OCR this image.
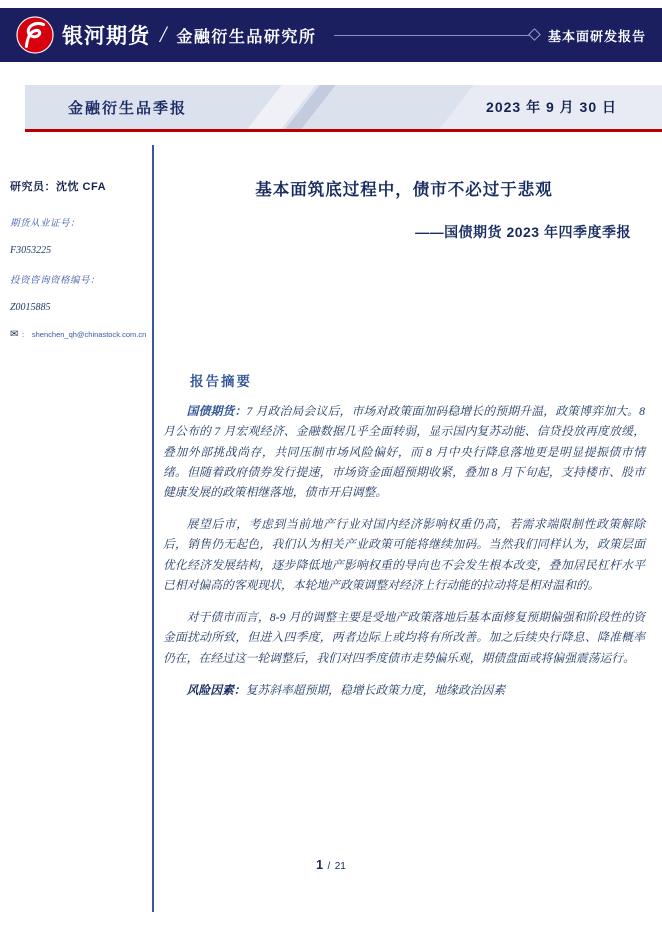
银河期货 / 金融衍生品研究所	基本面研发报告
金融衍生品季报	2023 年 9 月 30 日
研究员：沈忱 CFA
期货从业证号：
F3053225
投资咨询资格编号：
Z0015885
✉ ： shenchen_qh@chinastock.com.cn
基本面筑底过程中，债市不必过于悲观
——国债期货 2023 年四季度季报
报告摘要

国债期货：7 月政治局会议后，市场对政策面加码稳增长的预期升温，政策博弈加大。8 月公布的 7 月宏观经济、金融数据几乎全面转弱，显示国内复苏动能、信贷投放再度放缓，叠加外部挑战尚存，共同压制市场风险偏好，而 8 月中央行降息落地更是明显提振债市情绪。但随着政府债券发行提速，市场资金面超预期收紧，叠加 8 月下旬起，支持楼市、股市健康发展的政策相继落地，债市开启调整。

展望后市，考虑到当前地产行业对国内经济影响权重仍高，若需求端限制性政策解除后，销售仍无起色，我们认为相关产业政策可能将继续加码。当然我们同样认为，政策层面优化经济发展结构，逐步降低地产影响权重的导向也不会发生根本改变，叠加居民杠杆水平已相对偏高的客观现状，本轮地产政策调整对经济上行动能的拉动将是相对温和的。

对于债市而言，8-9 月的调整主要是受地产政策落地后基本面修复预期偏强和阶段性的资金面扰动所致，但进入四季度，两者边际上或均将有所改善。加之后续央行降息、降准概率仍在，在经过这一轮调整后，我们对四季度债市走势偏乐观，期债盘面或将偏强震荡运行。

风险因素：复苏斜率超预期，稳增长政策力度，地缘政治因素

1 / 21
